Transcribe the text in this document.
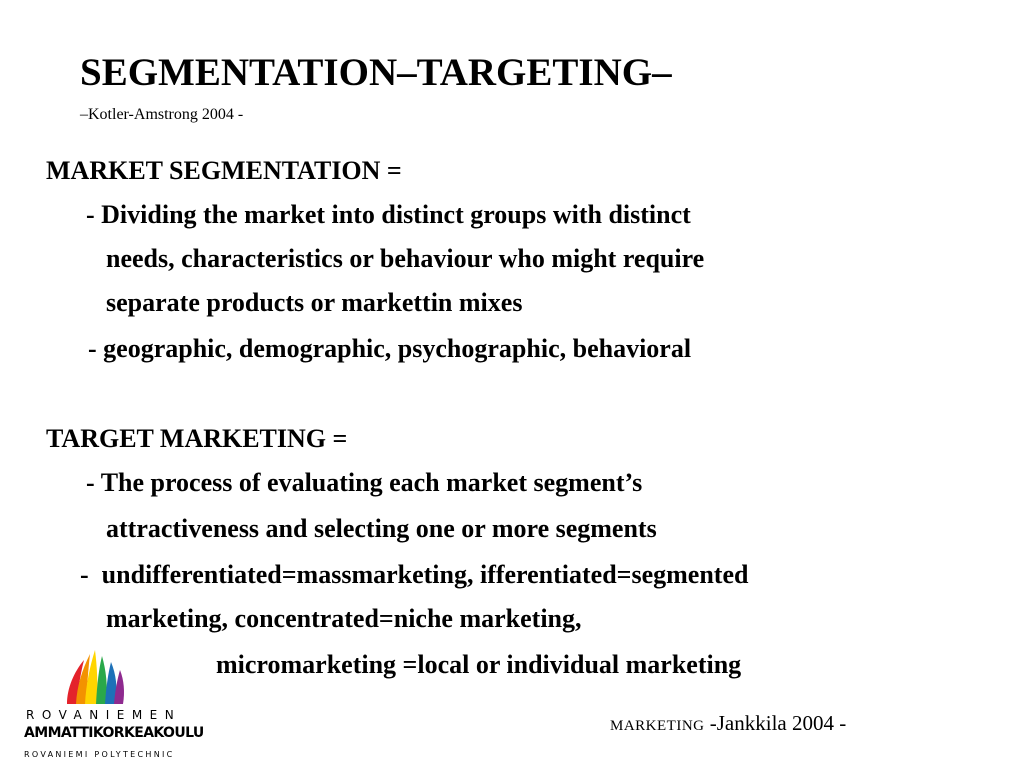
SEGMENTATION–TARGETING–
–Kotler-Amstrong 2004 -
MARKET SEGMENTATION =
- Dividing the market into distinct groups with distinct
needs, characteristics or behaviour who might require
separate products or markettin mixes
- geographic, demographic, psychographic, behavioral
TARGET MARKETING =
- The process of evaluating each market segment’s
attractiveness and selecting one or more segments
-  undifferentiated=massmarketing, ifferentiated=segmented
marketing, concentrated=niche marketing,
micromarketing =local or individual marketing
ROVANIEMEN
AMMATTIKORKEAKOULU
ROVANIEMI POLYTECHNIC
MARKETING -Jankkila 2004 -
